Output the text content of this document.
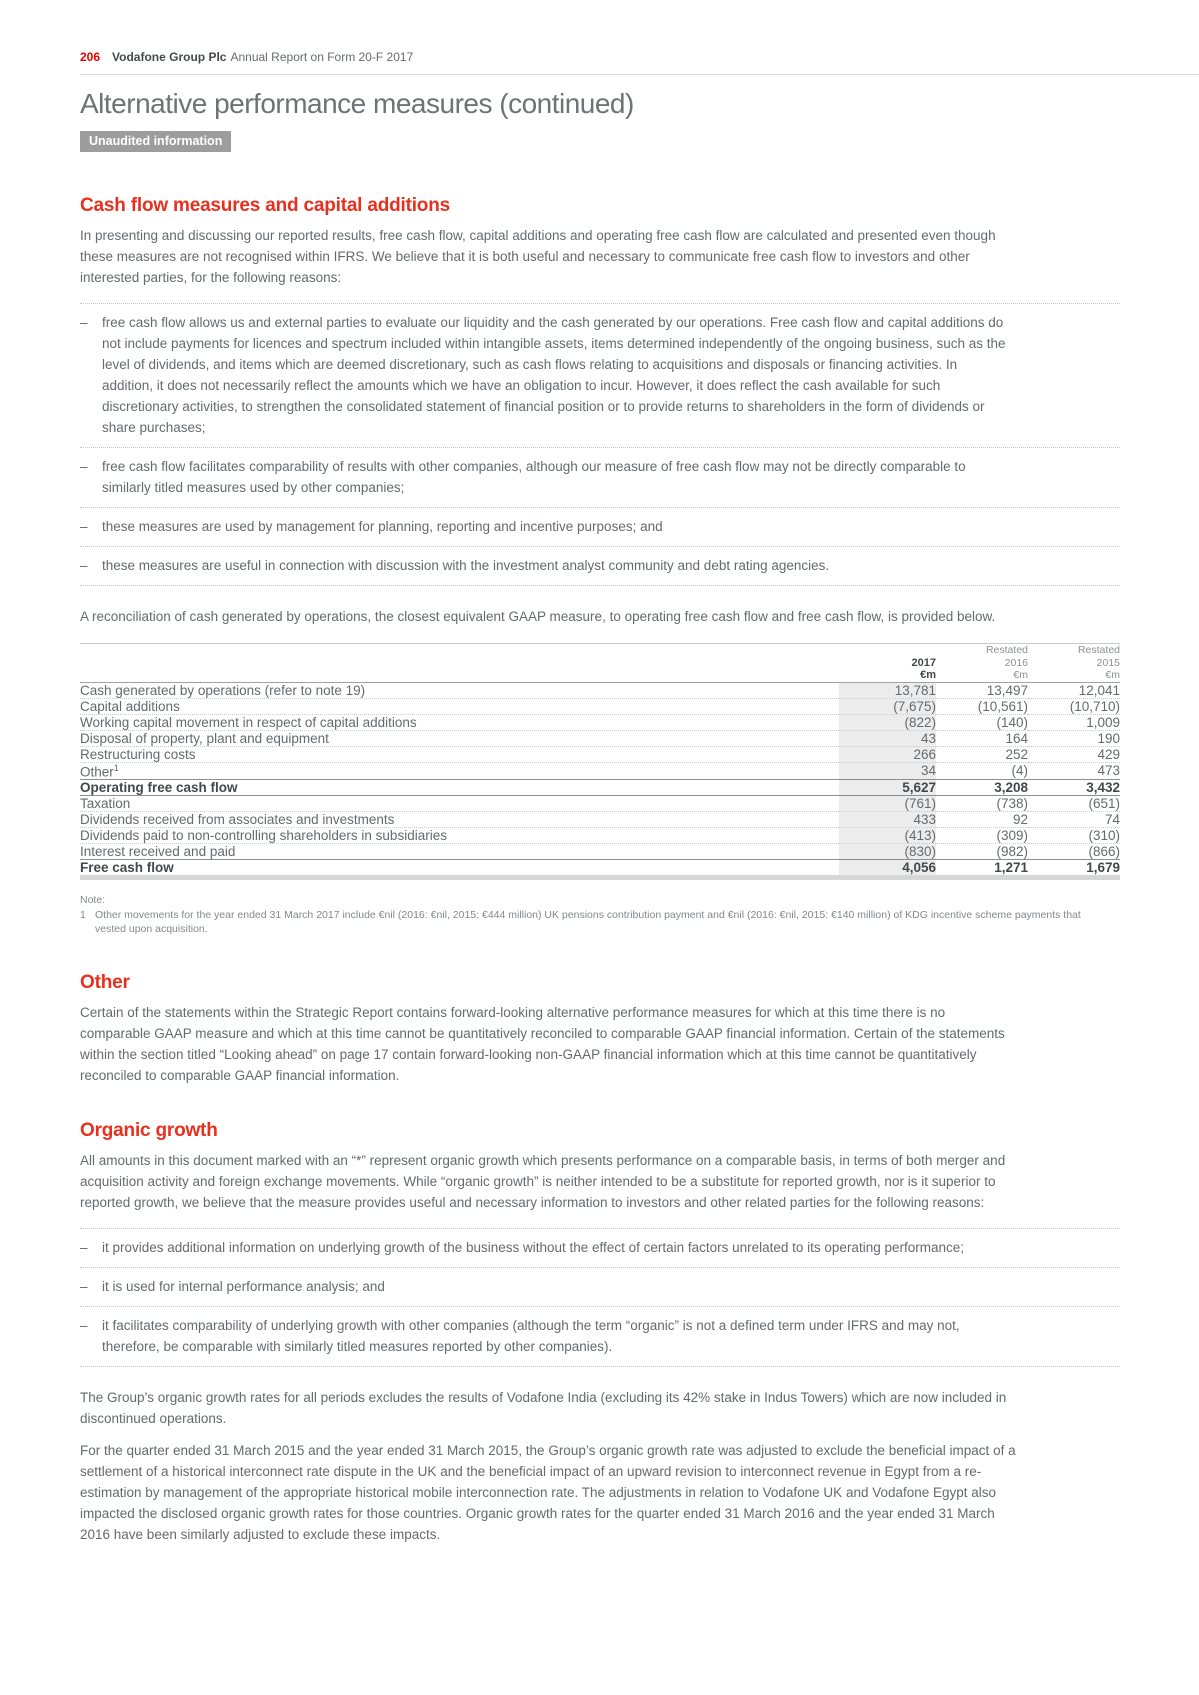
206 Vodafone Group Plc Annual Report on Form 20-F 2017
Alternative performance measures (continued)
Unaudited information
Cash flow measures and capital additions

In presenting and discussing our reported results, free cash flow, capital additions and operating free cash flow are calculated and presented even though these measures are not recognised within IFRS. We believe that it is both useful and necessary to communicate free cash flow to investors and other interested parties, for the following reasons:

–	free cash flow allows us and external parties to evaluate our liquidity and the cash generated by our operations. Free cash flow and capital additions do not include payments for licences and spectrum included within intangible assets, items determined independently of the ongoing business, such as the level of dividends, and items which are deemed discretionary, such as cash flows relating to acquisitions and disposals or financing activities. In addition, it does not necessarily reflect the amounts which we have an obligation to incur. However, it does reflect the cash available for such discretionary activities, to strengthen the consolidated statement of financial position or to provide returns to shareholders in the form of dividends or share purchases;
–	free cash flow facilitates comparability of results with other companies, although our measure of free cash flow may not be directly comparable to similarly titled measures used by other companies;
–	these measures are used by management for planning, reporting and incentive purposes; and
–	these measures are useful in connection with discussion with the investment analyst community and debt rating agencies.

A reconciliation of cash generated by operations, the closest equivalent GAAP measure, to operating free cash flow and free cash flow, is provided below.

2017
€m

Restated
2016
€m

Restated
2015
€m

Cash generated by operations (refer to note 19)	13,781	13,497	12,041
Capital additions	(7,675)	(10,561)	(10,710)
Working capital movement in respect of capital additions	(822)	(140)	1,009
Disposal of property, plant and equipment	43	164	190
Restructuring costs	266	252	429
Other$^1$	34	(4)	473
Operating free cash flow	5,627	3,208	3,432
Taxation	(761)	(738)	(651)
Dividends received from associates and investments	433	92	74
Dividends paid to non-controlling shareholders in subsidiaries	(413)	(309)	(310)
Interest received and paid	(830)	(982)	(866)
Free cash flow	4,056	1,271	1,679
Note:
1 Other movements for the year ended 31 March 2017 include €nil (2016: €nil, 2015: €444 million) UK pensions contribution payment and €nil (2016: €nil, 2015: €140 million) of KDG incentive scheme payments that vested upon acquisition.
Other

Certain of the statements within the Strategic Report contains forward-looking alternative performance measures for which at this time there is no comparable GAAP measure and which at this time cannot be quantitatively reconciled to comparable GAAP financial information. Certain of the statements within the section titled “Looking ahead” on page 17 contain forward-looking non-GAAP financial information which at this time cannot be quantitatively reconciled to comparable GAAP financial information.

Organic growth

All amounts in this document marked with an “*” represent organic growth which presents performance on a comparable basis, in terms of both merger and acquisition activity and foreign exchange movements. While “organic growth” is neither intended to be a substitute for reported growth, nor is it superior to reported growth, we believe that the measure provides useful and necessary information to investors and other related parties for the following reasons:

–	it provides additional information on underlying growth of the business without the effect of certain factors unrelated to its operating performance;
–	it is used for internal performance analysis; and
–	it facilitates comparability of underlying growth with other companies (although the term “organic” is not a defined term under IFRS and may not, therefore, be comparable with similarly titled measures reported by other companies).

The Group’s organic growth rates for all periods excludes the results of Vodafone India (excluding its 42% stake in Indus Towers) which are now included in discontinued operations.

For the quarter ended 31 March 2015 and the year ended 31 March 2015, the Group’s organic growth rate was adjusted to exclude the beneficial impact of a settlement of a historical interconnect rate dispute in the UK and the beneficial impact of an upward revision to interconnect revenue in Egypt from a re-estimation by management of the appropriate historical mobile interconnection rate. The adjustments in relation to Vodafone UK and Vodafone Egypt also impacted the disclosed organic growth rates for those countries. Organic growth rates for the quarter ended 31 March 2016 and the year ended 31 March 2016 have been similarly adjusted to exclude these impacts.
